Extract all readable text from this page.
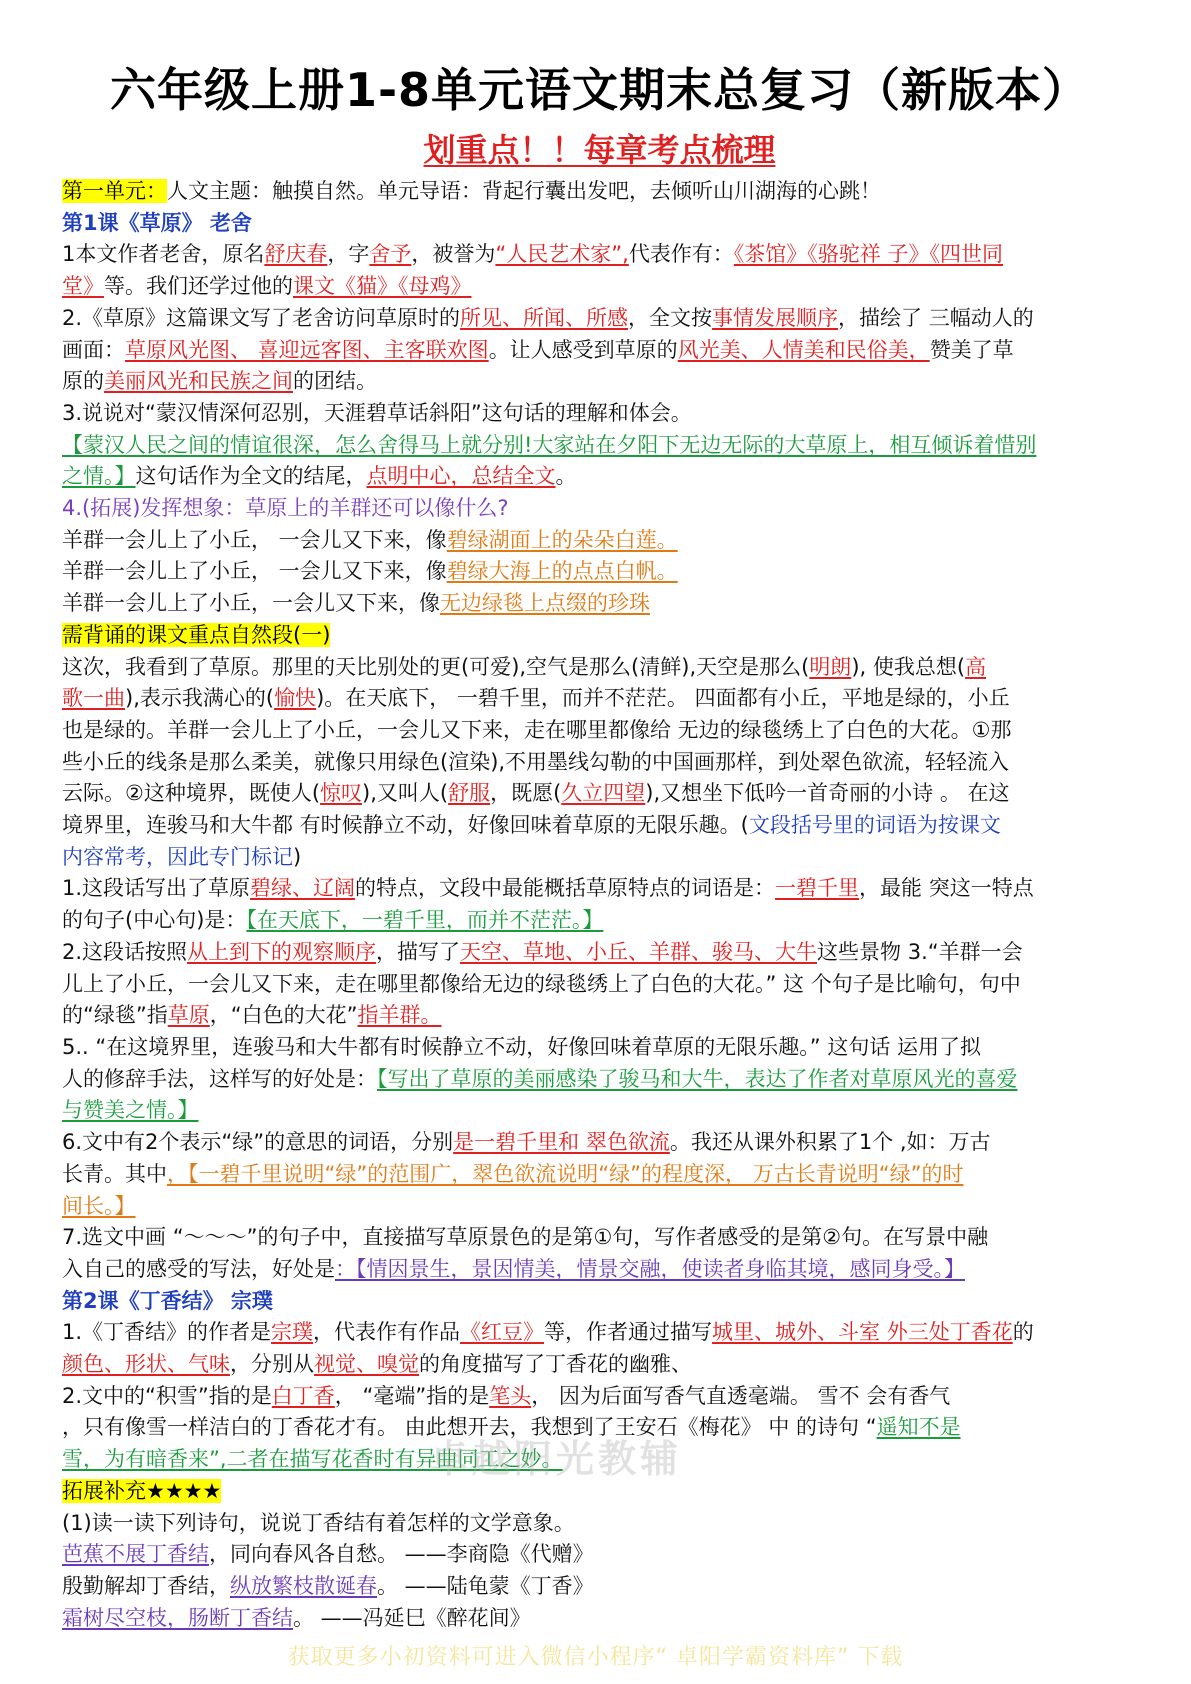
六年级上册1-8单元语文期末总复习（新版本）
划重点！！每章考点梳理
第一单元：人文主题：触摸自然。单元导语：背起行囊出发吧，去倾听山川湖海的心跳！
第1课《草原》 老舍
1本文作者老舍，原名舒庆春，字舍予，被誉为“人民艺术家”,代表作有：《茶馆》《骆驼祥 子》《四世同
堂》等。我们还学过他的课文《猫》《母鸡》
2.《草原》这篇课文写了老舍访问草原时的所见、所闻、所感，全文按事情发展顺序，描绘了 三幅动人的
画面：草原风光图、 喜迎远客图、主客联欢图。让人感受到草原的风光美、人情美和民俗美，赞美了草
原的美丽风光和民族之间的团结。
3.说说对“蒙汉情深何忍别，天涯碧草话斜阳”这句话的理解和体会。
【蒙汉人民之间的情谊很深，怎么舍得马上就分别!大家站在夕阳下无边无际的大草原上，相互倾诉着惜别
之情。】这句话作为全文的结尾，点明中心，总结全文。
4.(拓展)发挥想象：草原上的羊群还可以像什么?
羊群一会儿上了小丘， 一会儿又下来，像碧绿湖面上的朵朵白莲。
羊群一会儿上了小丘， 一会儿又下来，像碧绿大海上的点点白帆。
羊群一会儿上了小丘，一会儿又下来，像无边绿毯上点缀的珍珠
需背诵的课文重点自然段(一)
这次，我看到了草原。那里的天比别处的更(可爱),空气是那么(清鲜),天空是那么(明朗), 使我总想(高
歌一曲),表示我满心的(愉快)。在天底下， 一碧千里，而并不茫茫。 四面都有小丘，平地是绿的，小丘
也是绿的。羊群一会儿上了小丘，一会儿又下来，走在哪里都像给 无边的绿毯绣上了白色的大花。①那
些小丘的线条是那么柔美，就像只用绿色(渲染),不用墨线勾勒的中国画那样，到处翠色欲流，轻轻流入
云际。②这种境界，既使人(惊叹),又叫人(舒服，既愿(久立四望),又想坐下低吟一首奇丽的小诗 。 在这
境界里，连骏马和大牛都 有时候静立不动，好像回味着草原的无限乐趣。(文段括号里的词语为按课文
内容常考，因此专门标记)
1.这段话写出了草原碧绿、辽阔的特点，文段中最能概括草原特点的词语是：一碧千里，最能 突这一特点
的句子(中心句)是：【在天底下，一碧千里，而并不茫茫。】
2.这段话按照从上到下的观察顺序，描写了天空、草地、小丘、羊群、骏马、大牛这些景物 3.“羊群一会
儿上了小丘，一会儿又下来，走在哪里都像给无边的绿毯绣上了白色的大花。” 这 个句子是比喻句，句中
的“绿毯”指草原，“白色的大花”指羊群。
5.. “在这境界里，连骏马和大牛都有时候静立不动，好像回味着草原的无限乐趣。” 这句话 运用了拟
人的修辞手法，这样写的好处是：【写出了草原的美丽感染了骏马和大牛，表达了作者对草原风光的喜爱
与赞美之情。】
6.文中有2个表示“绿”的意思的词语，分别是一碧千里和 翠色欲流。我还从课外积累了1个 ,如：万古
长青。其中，【一碧千里说明“绿”的范围广，翠色欲流说明“绿”的程度深， 万古长青说明“绿”的时
间长。】
7.选文中画 “～～～”的句子中，直接描写草原景色的是第①句，写作者感受的是第②句。在写景中融
入自己的感受的写法，好处是：【情因景生，景因情美，情景交融，使读者身临其境，感同身受。】
第2课《丁香结》 宗璞
1.《丁香结》的作者是宗璞，代表作有作品《红豆》等，作者通过描写城里、城外、斗室 外三处丁香花的
颜色、形状、气味，分别从视觉、嗅觉的角度描写了丁香花的幽雅、
2.文中的“积雪”指的是白丁香， “毫端”指的是笔头， 因为后面写香气直透毫端。 雪不 会有香气
，只有像雪一样洁白的丁香花才有。 由此想开去，我想到了王安石《梅花》 中 的诗句 “遥知不是
雪，为有暗香来”,二者在描写花香时有异曲同工之妙。
拓展补充★★★★
(1)读一读下列诗句，说说丁香结有着怎样的文学意象。
芭蕉不展丁香结，同向春风各自愁。 ——李商隐《代赠》
殷勤解却丁香结，纵放繁枝散诞春。 ——陆龟蒙《丁香》
霜树尽空枝，肠断丁香结。 ——冯延巳《醉花间》
卓越阳光教辅
获取更多小初资料可进入微信小程序“ 卓阳学霸资料库” 下载
